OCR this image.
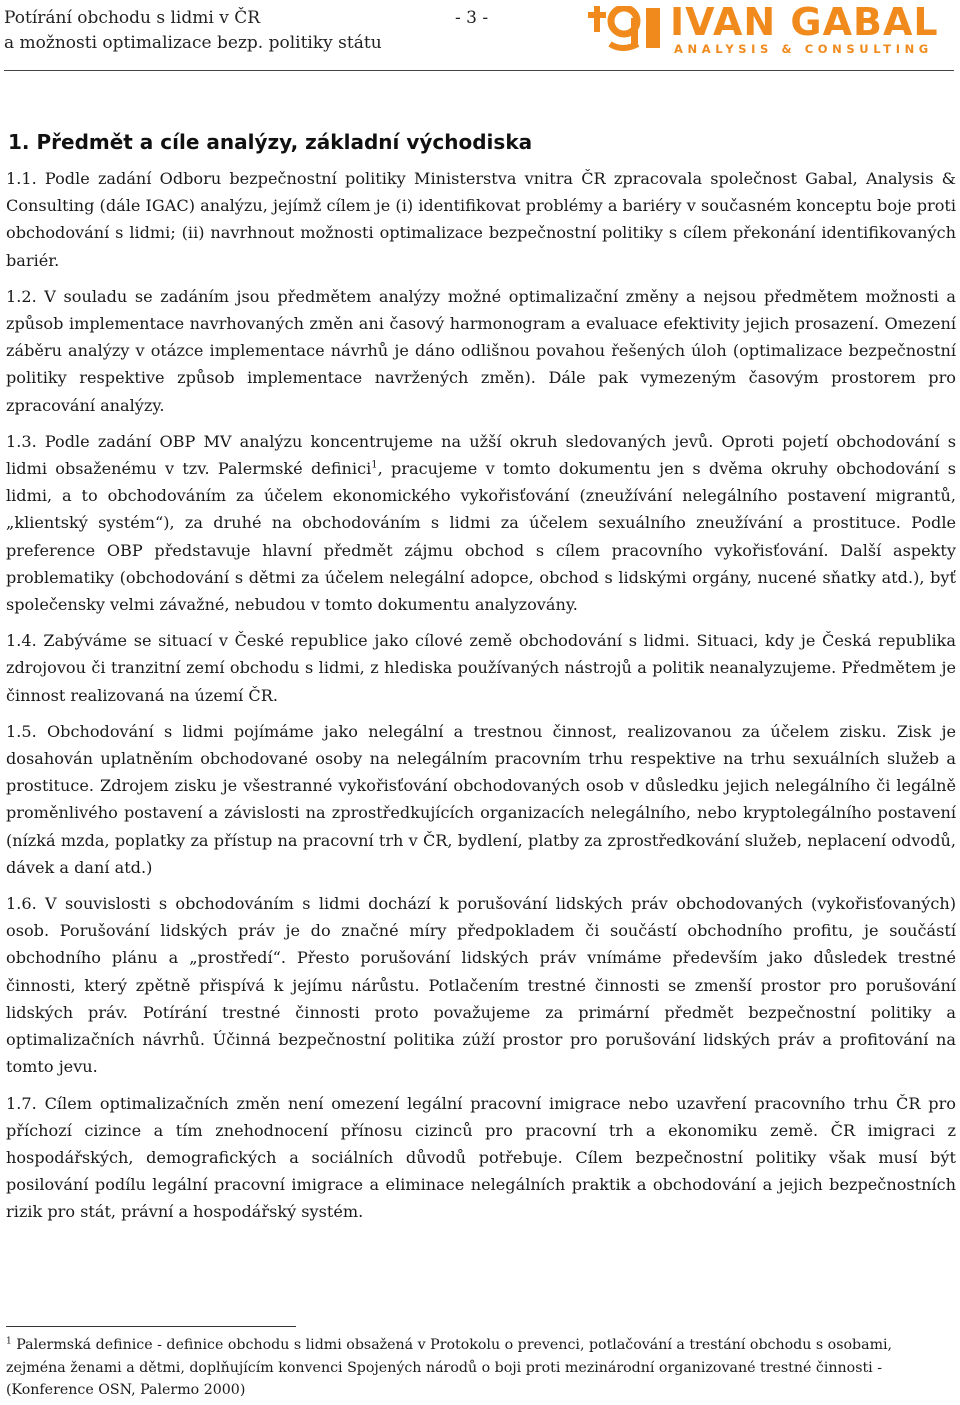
Potírání obchodu s lidmi v ČR
a možnosti optimalizace bezp. politiky státu
- 3 -	IVAN GABAL
ANALYSIS & CONSULTING
1. Předmět a cíle analýzy, základní východiska

1.1. Podle zadání Odboru bezpečnostní politiky Ministerstva vnitra ČR zpracovala společnost Gabal, Analysis & Consulting (dále IGAC) analýzu, jejímž cílem je (i) identifikovat problémy a bariéry v současném konceptu boje proti obchodování s lidmi; (ii) navrhnout možnosti optimalizace bezpečnostní politiky s cílem překonání identifikovaných bariér.

1.2. V souladu se zadáním jsou předmětem analýzy možné optimalizační změny a nejsou předmětem možnosti a způsob implementace navrhovaných změn ani časový harmonogram a evaluace efektivity jejich prosazení. Omezení záběru analýzy v otázce implementace návrhů je dáno odlišnou povahou řešených úloh (optimalizace bezpečnostní politiky respektive způsob implementace navržených změn). Dále pak vymezeným časovým prostorem pro zpracování analýzy.

1.3. Podle zadání OBP MV analýzu koncentrujeme na užší okruh sledovaných jevů. Oproti pojetí obchodování s lidmi obsaženému v tzv. Palermské definici$^1$, pracujeme v tomto dokumentu jen s dvěma okruhy obchodování s lidmi, a to obchodováním za účelem ekonomického vykořisťování (zneužívání nelegálního postavení migrantů, „klientský systém“), za druhé na obchodováním s lidmi za účelem sexuálního zneužívání a prostituce. Podle preference OBP představuje hlavní předmět zájmu obchod s cílem pracovního vykořisťování. Další aspekty problematiky (obchodování s dětmi za účelem nelegální adopce, obchod s lidskými orgány, nucené sňatky atd.), byť společensky velmi závažné, nebudou v tomto dokumentu analyzovány.

1.4. Zabýváme se situací v České republice jako cílové země obchodování s lidmi. Situaci, kdy je Česká republika zdrojovou či tranzitní zemí obchodu s lidmi, z hlediska používaných nástrojů a politik neanalyzujeme. Předmětem je činnost realizovaná na území ČR.

1.5. Obchodování s lidmi pojímáme jako nelegální a trestnou činnost, realizovanou za účelem zisku. Zisk je dosahován uplatněním obchodované osoby na nelegálním pracovním trhu respektive na trhu sexuálních služeb a prostituce. Zdrojem zisku je všestranné vykořisťování obchodovaných osob v důsledku jejich nelegálního či legálně proměnlivého postavení a závislosti na zprostředkujících organizacích nelegálního, nebo kryptolegálního postavení (nízká mzda, poplatky za přístup na pracovní trh v ČR, bydlení, platby za zprostředkování služeb, neplacení odvodů, dávek a daní atd.)

1.6. V souvislosti s obchodováním s lidmi dochází k porušování lidských práv obchodovaných (vykořisťovaných) osob. Porušování lidských práv je do značné míry předpokladem či součástí obchodního profitu, je součástí obchodního plánu a „prostředí“. Přesto porušování lidských práv vnímáme především jako důsledek trestné činnosti, který zpětně přispívá k jejímu nárůstu. Potlačením trestné činnosti se zmenší prostor pro porušování lidských práv. Potírání trestné činnosti proto považujeme za primární předmět bezpečnostní politiky a optimalizačních návrhů. Účinná bezpečnostní politika zúží prostor pro porušování lidských práv a profitování na tomto jevu.

1.7. Cílem optimalizačních změn není omezení legální pracovní imigrace nebo uzavření pracovního trhu ČR pro příchozí cizince a tím znehodnocení přínosu cizinců pro pracovní trh a ekonomiku země. ČR imigraci z hospodářských, demografických a sociálních důvodů potřebuje. Cílem bezpečnostní politiky však musí být posilování podílu legální pracovní imigrace a eliminace nelegálních praktik a obchodování a jejich bezpečnostních rizik pro stát, právní a hospodářský systém.

$^1$ Palermská definice - definice obchodu s lidmi obsažená v Protokolu o prevenci, potlačování a trestání obchodu s osobami, zejména ženami a dětmi, doplňujícím konvenci Spojených národů o boji proti mezinárodní organizované trestné činnosti - (Konference OSN, Palermo 2000)
